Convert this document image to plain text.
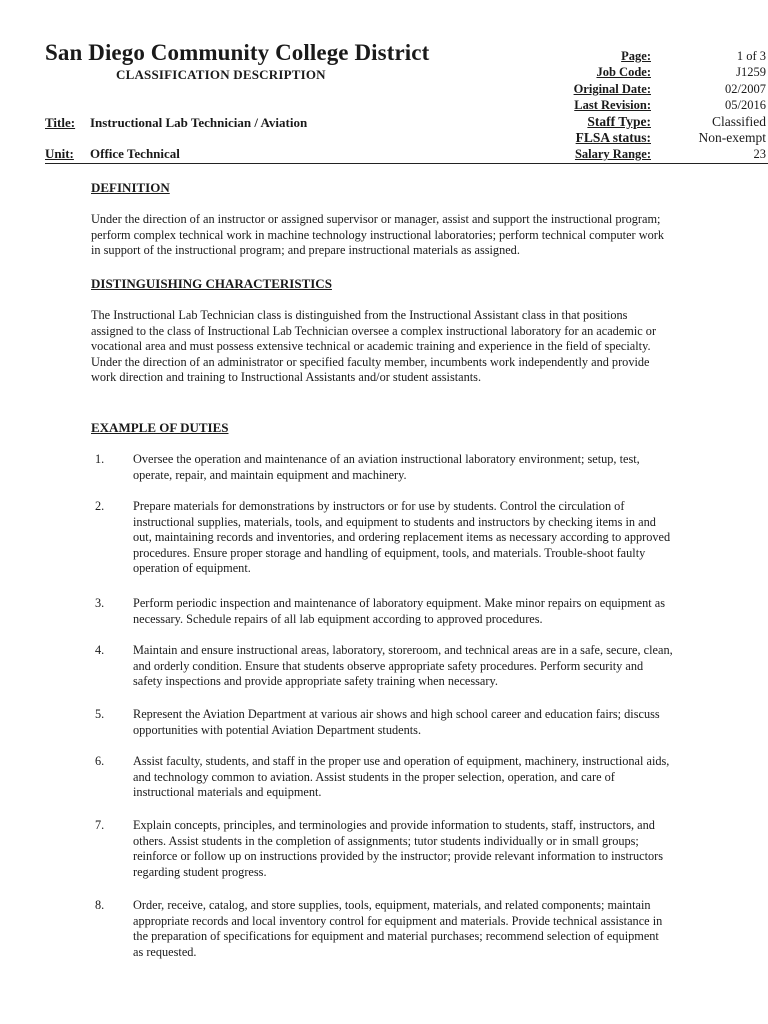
San Diego Community College District
CLASSIFICATION DESCRIPTION
Page:	1 of 3
Job Code:	J1259
Original Date:	02/2007
Last Revision:	05/2016
Staff Type:	Classified
FLSA status:	Non-exempt
Salary Range:	23
Title: Instructional Lab Technician / Aviation
Unit: Office Technical
DEFINITION
Under the direction of an instructor or assigned supervisor or manager, assist and support the instructional program;
perform complex technical work in machine technology instructional laboratories; perform technical computer work
in support of the instructional program; and prepare instructional materials as assigned.
DISTINGUISHING CHARACTERISTICS
The Instructional Lab Technician class is distinguished from the Instructional Assistant class in that positions
assigned to the class of Instructional Lab Technician oversee a complex instructional laboratory for an academic or
vocational area and must possess extensive technical or academic training and experience in the field of specialty.
Under the direction of an administrator or specified faculty member, incumbents work independently and provide
work direction and training to Instructional Assistants and/or student assistants.
EXAMPLE OF DUTIES
1.	Oversee the operation and maintenance of an aviation instructional laboratory environment; setup, test,
operate, repair, and maintain equipment and machinery.
2.	Prepare materials for demonstrations by instructors or for use by students. Control the circulation of
instructional supplies, materials, tools, and equipment to students and instructors by checking items in and
out, maintaining records and inventories, and ordering replacement items as necessary according to approved
procedures. Ensure proper storage and handling of equipment, tools, and materials. Trouble-shoot faulty
operation of equipment.
3.	Perform periodic inspection and maintenance of laboratory equipment. Make minor repairs on equipment as
necessary. Schedule repairs of all lab equipment according to approved procedures.
4.	Maintain and ensure instructional areas, laboratory, storeroom, and technical areas are in a safe, secure, clean,
and orderly condition. Ensure that students observe appropriate safety procedures. Perform security and
safety inspections and provide appropriate safety training when necessary.
5.	Represent the Aviation Department at various air shows and high school career and education fairs; discuss
opportunities with potential Aviation Department students.
6.	Assist faculty, students, and staff in the proper use and operation of equipment, machinery, instructional aids,
and technology common to aviation. Assist students in the proper selection, operation, and care of
instructional materials and equipment.
7.	Explain concepts, principles, and terminologies and provide information to students, staff, instructors, and
others. Assist students in the completion of assignments; tutor students individually or in small groups;
reinforce or follow up on instructions provided by the instructor; provide relevant information to instructors
regarding student progress.
8.	Order, receive, catalog, and store supplies, tools, equipment, materials, and related components; maintain
appropriate records and local inventory control for equipment and materials. Provide technical assistance in
the preparation of specifications for equipment and material purchases; recommend selection of equipment
as requested.
